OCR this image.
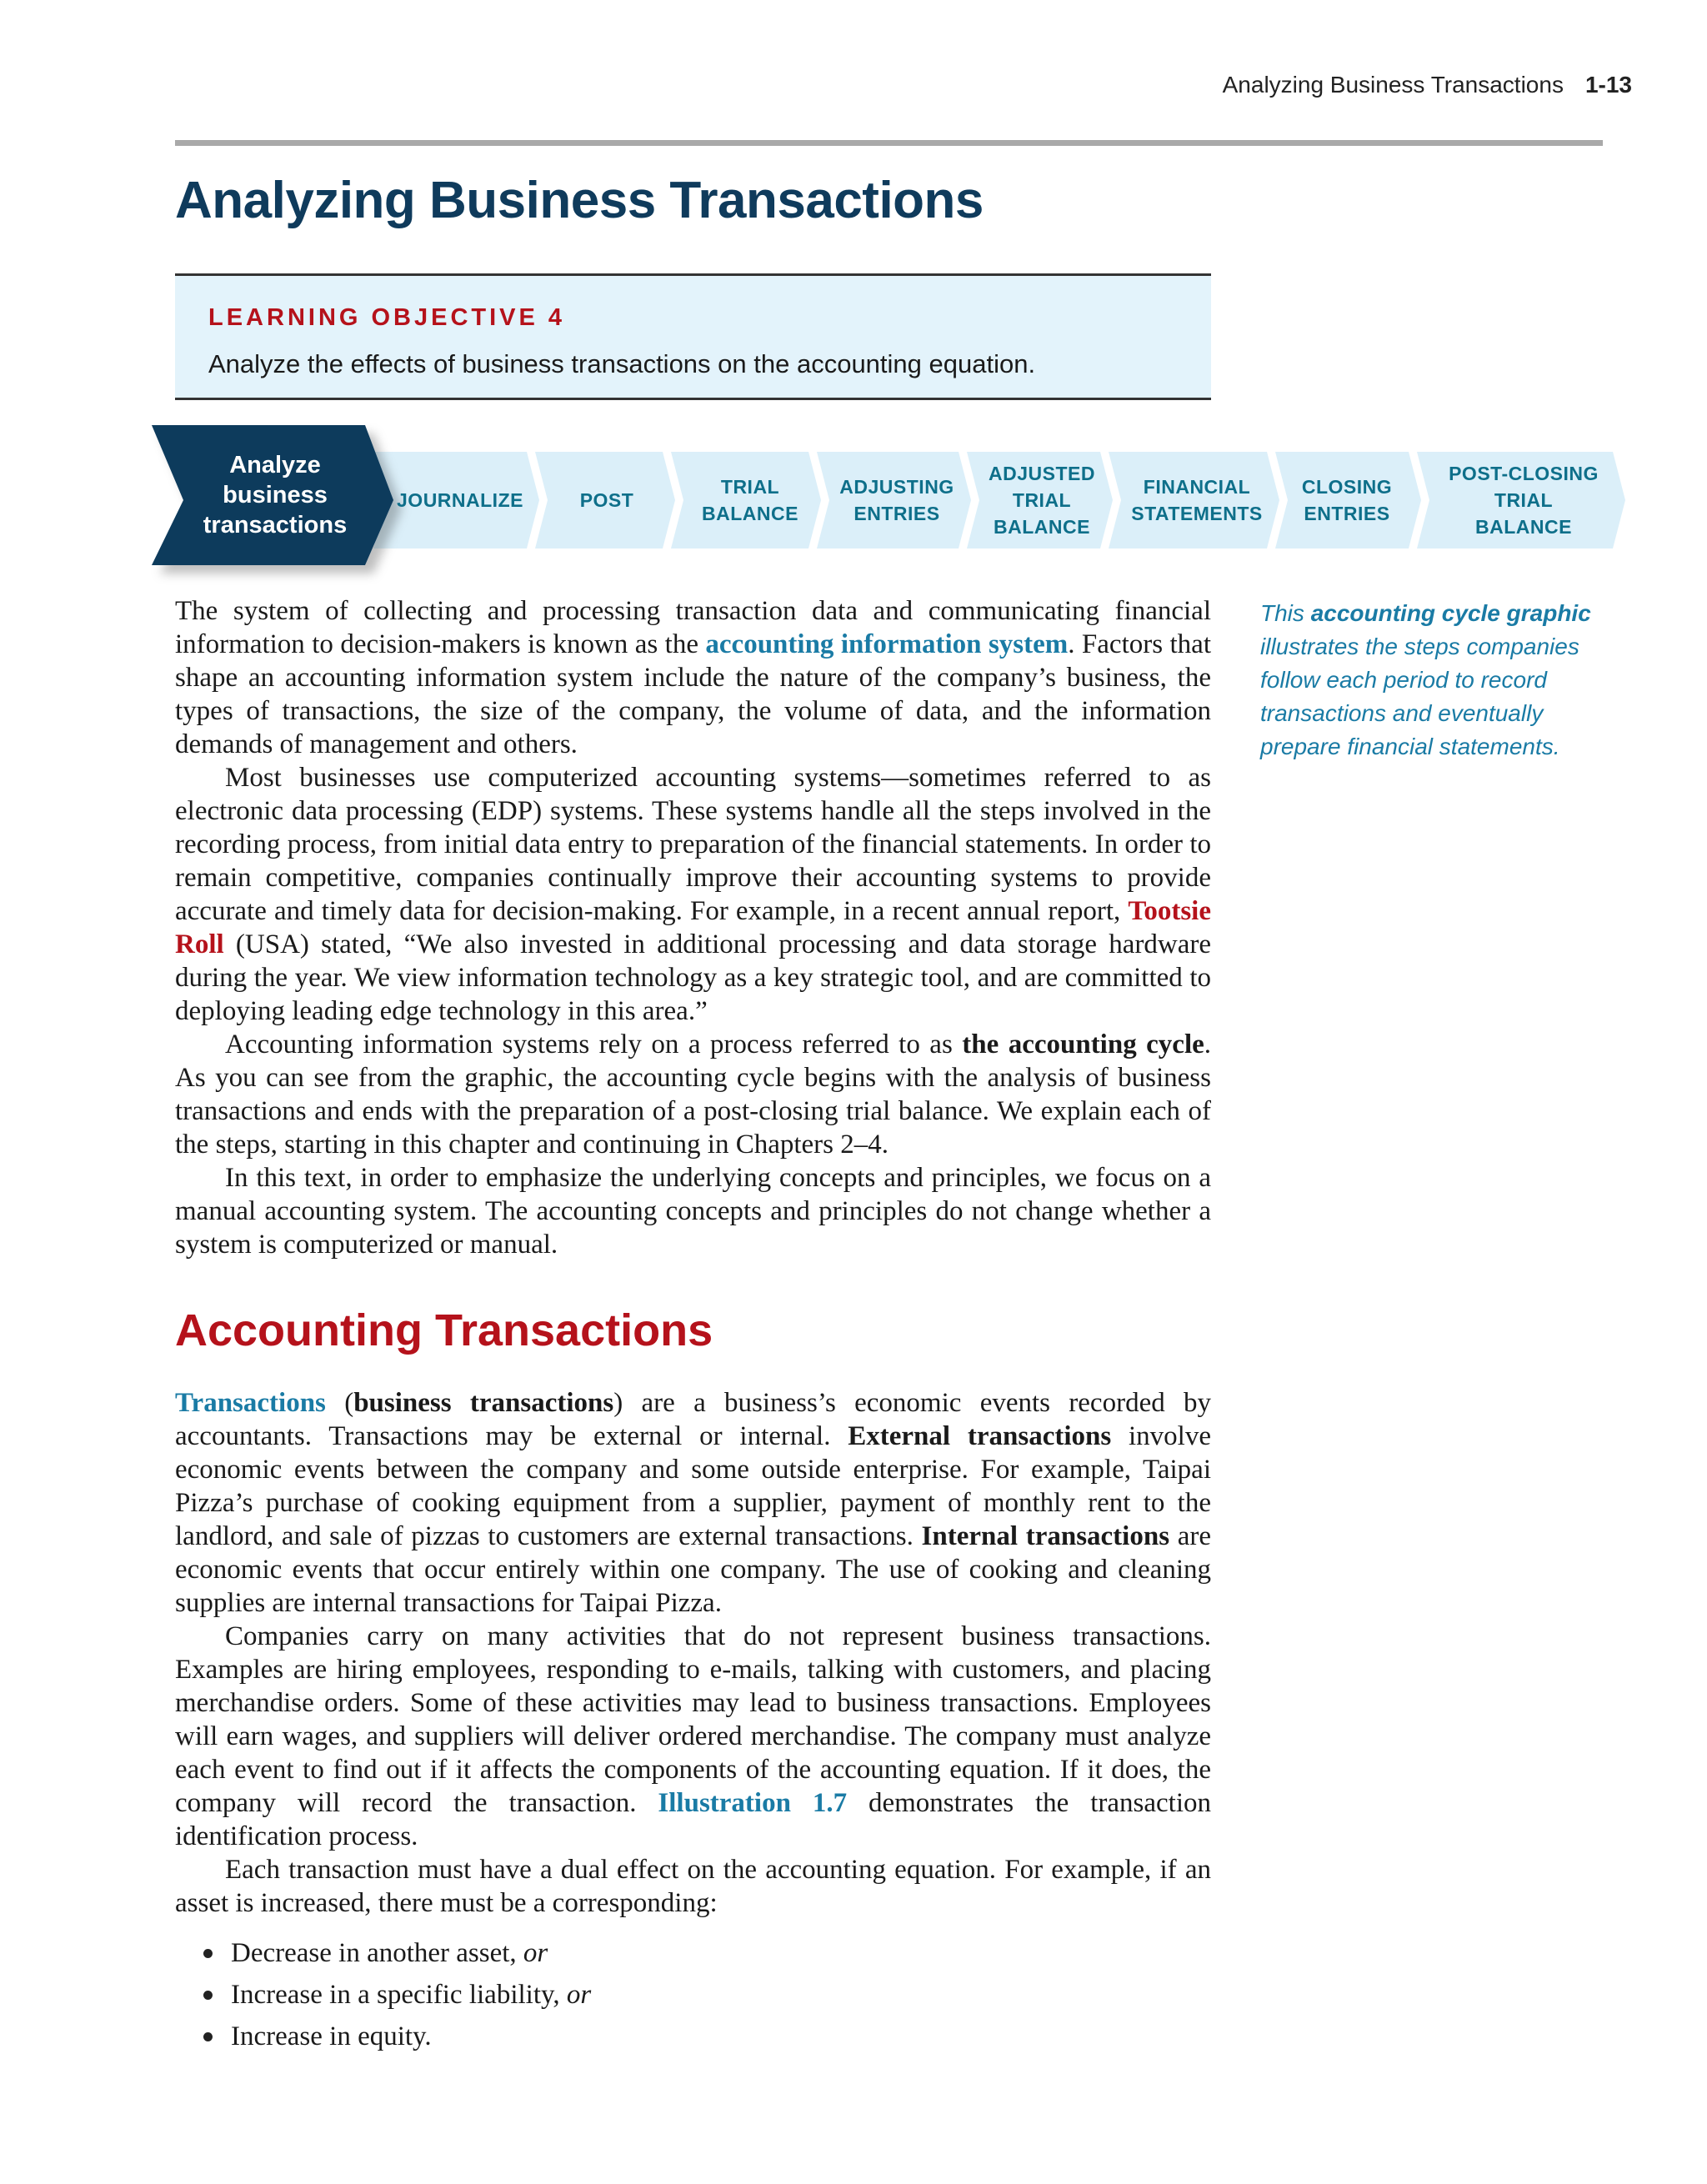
Analyzing Business Transactions 1-13
Analyzing Business Transactions
LEARNING OBJECTIVE 4
Analyze the effects of business transactions on the accounting equation.
Analyze business transactions
JOURNALIZE	POST
TRIAL BALANCE
ADJUSTING ENTRIES
ADJUSTED TRIAL BALANCE
FINANCIAL STATEMENTS
CLOSING ENTRIES
POST-CLOSING TRIAL BALANCE
This accounting cycle graphic illustrates the steps companies follow each period to record transactions and eventually prepare financial statements.

The system of collecting and processing transaction data and communicating financial information to decision-makers is known as the accounting information system. Factors that shape an accounting information system include the nature of the company’s business, the types of transactions, the size of the company, the volume of data, and the information demands of management and others.

Most businesses use computerized accounting systems—sometimes referred to as electronic data processing (EDP) systems. These systems handle all the steps involved in the recording process, from initial data entry to preparation of the financial statements. In order to remain competitive, companies continually improve their accounting systems to provide accurate and timely data for decision-making. For example, in a recent annual report, Tootsie Roll (USA) stated, “We also invested in additional processing and data storage hardware during the year. We view information technology as a key strategic tool, and are committed to deploying leading edge technology in this area.”

Accounting information systems rely on a process referred to as the accounting cycle. As you can see from the graphic, the accounting cycle begins with the analysis of business transactions and ends with the preparation of a post-closing trial balance. We explain each of the steps, starting in this chapter and continuing in Chapters 2–4.

In this text, in order to emphasize the underlying concepts and principles, we focus on a manual accounting system. The accounting concepts and principles do not change whether a system is computerized or manual.

Accounting Transactions

Transactions (business transactions) are a business’s economic events recorded by accountants. Transactions may be external or internal. External transactions involve economic events between the company and some outside enterprise. For example, Taipai Pizza’s purchase of cooking equipment from a supplier, payment of monthly rent to the landlord, and sale of pizzas to customers are external transactions. Internal transactions are economic events that occur entirely within one company. The use of cooking and cleaning supplies are internal transactions for Taipai Pizza.

Companies carry on many activities that do not represent business transactions. Examples are hiring employees, responding to e-mails, talking with customers, and placing merchandise orders. Some of these activities may lead to business transactions. Employees will earn wages, and suppliers will deliver ordered merchandise. The company must analyze each event to find out if it affects the components of the accounting equation. If it does, the company will record the transaction. Illustration 1.7 demonstrates the transaction identification process.

Each transaction must have a dual effect on the accounting equation. For example, if an asset is increased, there must be a corresponding:

Decrease in another asset, or
Increase in a specific liability, or
Increase in equity.
